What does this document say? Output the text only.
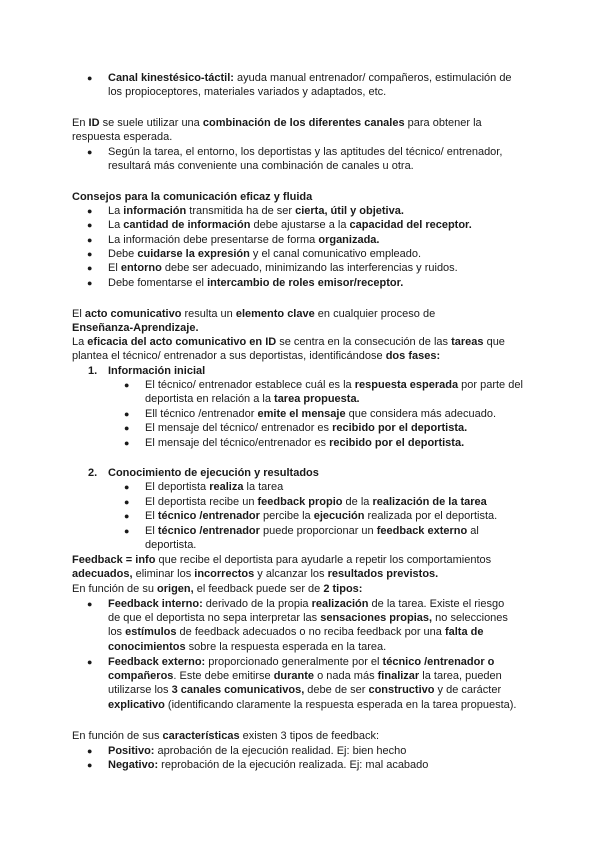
● Canal kinestésico-táctil: ayuda manual entrenador/ compañeros, estimulación de los propioceptores, materiales variados y adaptados, etc.

En ID se suele utilizar una combinación de los diferentes canales para obtener la respuesta esperada.

● Según la tarea, el entorno, los deportistas y las aptitudes del técnico/ entrenador, resultará más conveniente una combinación de canales u otra.

Consejos para la comunicación eficaz y fluida

● La información transmitida ha de ser cierta, útil y objetiva.

● La cantidad de información debe ajustarse a la capacidad del receptor.

● La información debe presentarse de forma organizada.

● Debe cuidarse la expresión y el canal comunicativo empleado.

● El entorno debe ser adecuado, minimizando las interferencias y ruidos.

● Debe fomentarse el intercambio de roles emisor/receptor.

El acto comunicativo resulta un elemento clave en cualquier proceso de Enseñanza-Aprendizaje.

La eficacia del acto comunicativo en ID se centra en la consecución de las tareas que plantea el técnico/ entrenador a sus deportistas, identificándose dos fases:

1. Información inicial

● El técnico/ entrenador establece cuál es la respuesta esperada por parte del deportista en relación a la tarea propuesta.

● Ell técnico /entrenador emite el mensaje que considera más adecuado.

● El mensaje del técnico/ entrenador es recibido por el deportista.

● El mensaje del técnico/entrenador es recibido por el deportista.

2. Conocimiento de ejecución y resultados

● El deportista realiza la tarea

● El deportista recibe un feedback propio de la realización de la tarea

● El técnico /entrenador percibe la ejecución realizada por el deportista.

● El técnico /entrenador puede proporcionar un feedback externo al deportista.

Feedback = info que recibe el deportista para ayudarle a repetir los comportamientos adecuados, eliminar los incorrectos y alcanzar los resultados previstos.

En función de su origen, el feedback puede ser de 2 tipos:

● Feedback interno: derivado de la propia realización de la tarea. Existe el riesgo de que el deportista no sepa interpretar las sensaciones propias, no selecciones los estímulos de feedback adecuados o no reciba feedback por una falta de conocimientos sobre la respuesta esperada en la tarea.

● Feedback externo: proporcionado generalmente por el técnico /entrenador o compañeros. Este debe emitirse durante o nada más finalizar la tarea, pueden utilizarse los 3 canales comunicativos, debe de ser constructivo y de carácter explicativo (identificando claramente la respuesta esperada en la tarea propuesta).

En función de sus características existen 3 tipos de feedback:

● Positivo: aprobación de la ejecución realidad. Ej: bien hecho

● Negativo: reprobación de la ejecución realizada. Ej: mal acabado
